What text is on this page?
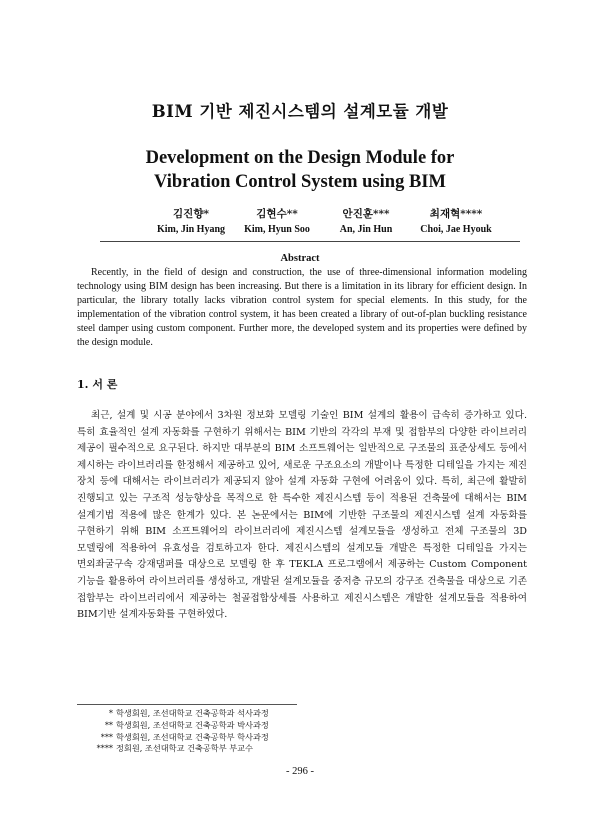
BIM 기반 제진시스템의 설계모듈 개발
Development on the Design Module for
Vibration Control System using BIM
김진향*
Kim, Jin Hyang
김현수**
Kim, Hyun Soo
안진훈***
An, Jin Hun
최재혁****
Choi, Jae Hyouk
Abstract
Recently, in the field of design and construction, the use of three-dimensional information modeling technology using BIM design has been increasing. But there is a limitation in its library for efficient design. In particular, the library totally lacks vibration control system for special elements. In this study, for the implementation of the vibration control system, it has been created a library of out-of-plan buckling resistance steel damper using custom component. Further more, the developed system and its properties were defined by the design module.
1. 서 론
최근, 설계 및 시공 분야에서 3차원 정보화 모델링 기술인 BIM 설계의 활용이 급속히 증가하고 있다. 특히 효율적인 설계 자동화를 구현하기 위해서는 BIM 기반의 각각의 부재 및 접합부의 다양한 라이브러리 제공이 필수적으로 요구된다. 하지만 대부분의 BIM 소프트웨어는 일반적으로 구조물의 표준상세도 등에서 제시하는 라이브러리를 한정해서 제공하고 있어, 새로운 구조요소의 개발이나 특정한 디테일을 가지는 제진 장치 등에 대해서는 라이브러리가 제공되지 않아 설계 자동화 구현에 어려움이 있다. 특히, 최근에 활발히 진행되고 있는 구조적 성능향상을 목적으로 한 특수한 제진시스템 등이 적용된 건축물에 대해서는 BIM 설계기법 적용에 많은 한계가 있다. 본 논문에서는 BIM에 기반한 구조물의 제진시스템 설계 자동화를 구현하기 위해 BIM 소프트웨어의 라이브러리에 제진시스템 설계모듈을 생성하고 전체 구조물의 3D 모델링에 적용하여 유효성을 검토하고자 한다. 제진시스템의 설계모듈 개발은 특정한 디테일을 가지는 면외좌굴구속 강재댐퍼를 대상으로 모델링 한 후 TEKLA 프로그램에서 제공하는 Custom Component 기능을 활용하여 라이브러리를 생성하고, 개발된 설계모듈을 중저층 규모의 강구조 건축물을 대상으로 기존 접합부는 라이브러리에서 제공하는 철골접합상세를 사용하고 제진시스템은 개발한 설계모듈을 적용하여 BIM기반 설계자동화를 구현하였다.
* 학생회원, 조선대학교 건축공학과 석사과정
** 학생회원, 조선대학교 건축공학과 박사과정
*** 학생회원, 조선대학교 건축공학부 학사과정
**** 정회원, 조선대학교 건축공학부 부교수
- 296 -
